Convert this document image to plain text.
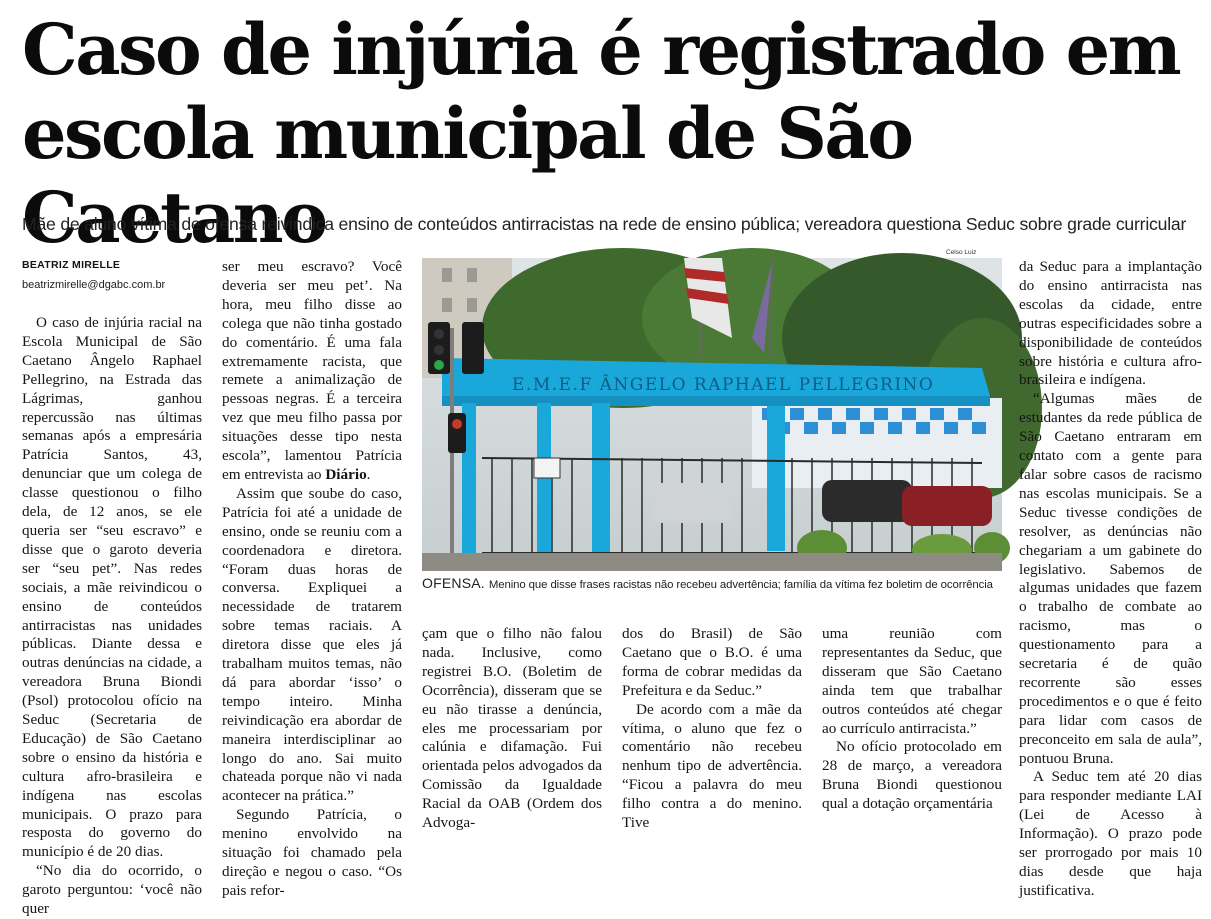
Caso de injúria é registrado em
escola municipal de São Caetano
Mãe de aluno vítima de ofensa reivindica ensino de conteúdos antirracistas na rede de ensino pública; vereadora questiona Seduc sobre grade curricular
BEATRIZ MIRELLE
beatrizmirelle@dgabc.com.br

O caso de injúria racial na Escola Municipal de São Caetano Ângelo Raphael Pellegrino, na Estrada das Lágrimas, ganhou repercussão nas últimas semanas após a empresária Patrícia Santos, 43, denunciar que um colega de classe questionou o filho dela, de 12 anos, se ele queria ser “seu escravo” e disse que o garoto deveria ser “seu pet”. Nas redes sociais, a mãe reivindicou o ensino de conteúdos antirracistas nas unidades públicas. Diante dessa e outras denúncias na cidade, a vereadora Bruna Biondi (Psol) protocolou ofício na Seduc (Secretaria de Educação) de São Caetano sobre o ensino da história e cultura afro-brasileira e indígena nas escolas municipais. O prazo para resposta do governo do município é de 20 dias.

“No dia do ocorrido, o garoto perguntou: ‘você não quer

ser meu escravo? Você deveria ser meu pet’. Na hora, meu filho disse ao colega que não tinha gostado do comentário. É uma fala extremamente racista, que remete a animalização de pessoas negras. É a terceira vez que meu filho passa por situações desse tipo nesta escola”, lamentou Patrícia em entrevista ao Diário.

Assim que soube do caso, Patrícia foi até a unidade de ensino, onde se reuniu com a coordenadora e diretora. “Foram duas horas de conversa. Expliquei a necessidade de tratarem sobre temas raciais. A diretora disse que eles já trabalham muitos temas, não dá para abordar ‘isso’ o tempo inteiro. Minha reivindicação era abordar de maneira interdisciplinar ao longo do ano. Sai muito chateada porque não vi nada acontecer na prática.”

Segundo Patrícia, o menino envolvido na situação foi chamado pela direção e negou o caso. “Os pais refor-

Celso Luiz
E.M.E.F ÂNGELO RAPHAEL PELLEGRINO
OFENSA. Menino que disse frases racistas não recebeu advertência; família da vítima fez boletim de ocorrência

çam que o filho não falou nada. Inclusive, como registrei B.O. (Boletim de Ocorrência), disseram que se eu não tirasse a denúncia, eles me processariam por calúnia e difamação. Fui orientada pelos advogados da Comissão da Igualdade Racial da OAB (Ordem dos Advoga-

dos do Brasil) de São Caetano que o B.O. é uma forma de cobrar medidas da Prefeitura e da Seduc.”

De acordo com a mãe da vítima, o aluno que fez o comentário não recebeu nenhum tipo de advertência. “Ficou a palavra do meu filho contra a do menino. Tive

uma reunião com representantes da Seduc, que disseram que São Caetano ainda tem que trabalhar outros conteúdos até chegar ao currículo antirracista.”

No ofício protocolado em 28 de março, a vereadora Bruna Biondi questionou qual a dotação orçamentária

da Seduc para a implantação do ensino antirracista nas escolas da cidade, entre outras especificidades sobre a disponibilidade de conteúdos sobre história e cultura afro-brasileira e indígena.

“Algumas mães de estudantes da rede pública de São Caetano entraram em contato com a gente para falar sobre casos de racismo nas escolas municipais. Se a Seduc tivesse condições de resolver, as denúncias não chegariam a um gabinete do legislativo. Sabemos de algumas unidades que fazem o trabalho de combate ao racismo, mas o questionamento para a secretaria é de quão recorrente são esses procedimentos e o que é feito para lidar com casos de preconceito em sala de aula”, pontuou Bruna.

A Seduc tem até 20 dias para responder mediante LAI (Lei de Acesso à Informação). O prazo pode ser prorrogado por mais 10 dias desde que haja justificativa.
